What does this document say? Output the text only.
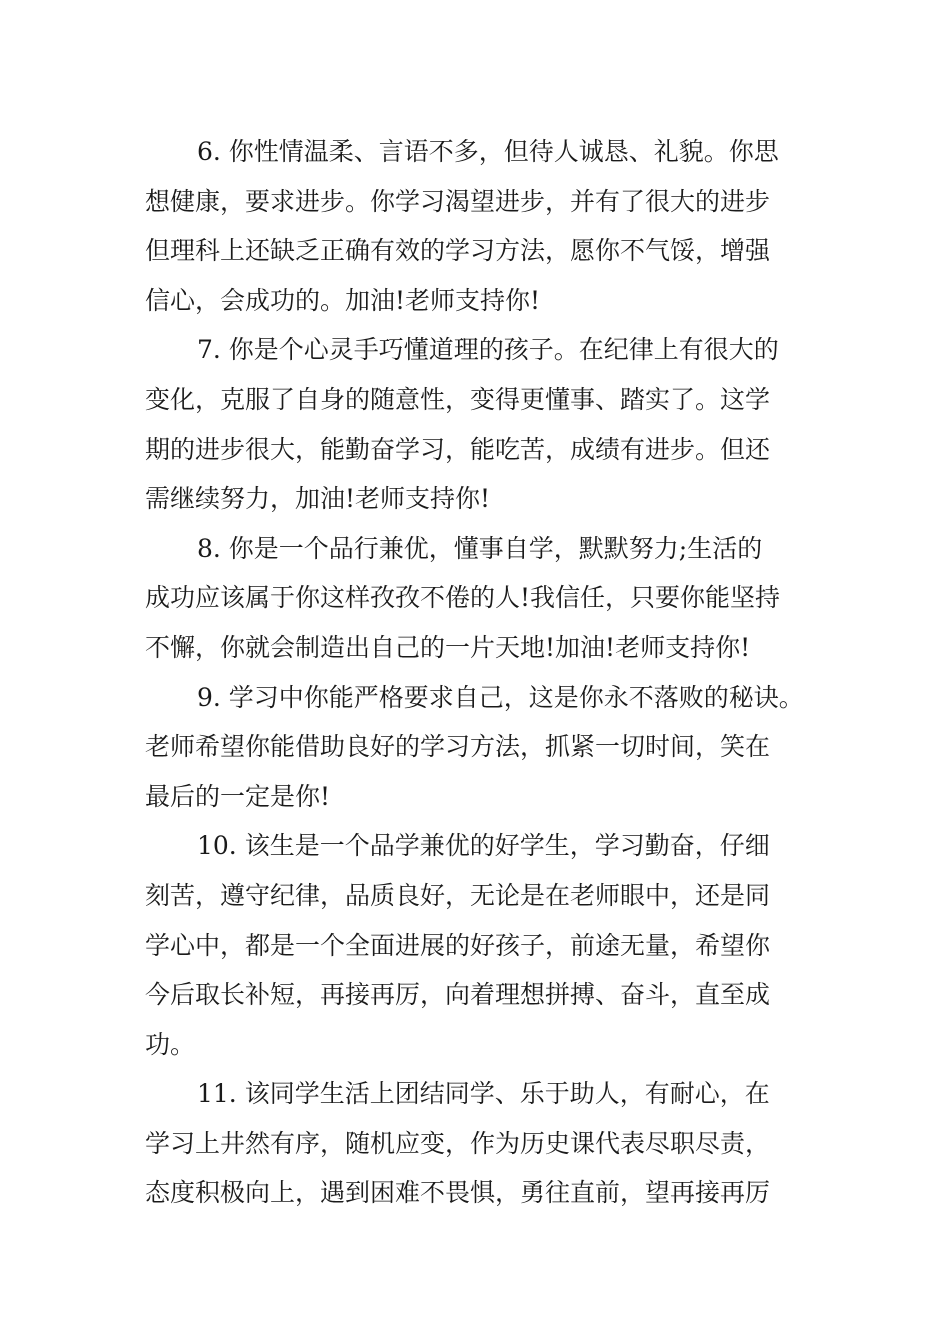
6. 你性情温柔、言语不多，但待人诚恳、礼貌。你思
想健康，要求进步。你学习渴望进步，并有了很大的进步
但理科上还缺乏正确有效的学习方法，愿你不气馁，增强
信心，会成功的。加油!老师支持你!
7. 你是个心灵手巧懂道理的孩子。在纪律上有很大的
变化，克服了自身的随意性，变得更懂事、踏实了。这学
期的进步很大，能勤奋学习，能吃苦，成绩有进步。但还
需继续努力，加油!老师支持你!
8. 你是一个品行兼优，懂事自学，默默努力;生活的
成功应该属于你这样孜孜不倦的人!我信任，只要你能坚持
不懈，你就会制造出自己的一片天地!加油!老师支持你!
9. 学习中你能严格要求自己，这是你永不落败的秘诀。
老师希望你能借助良好的学习方法，抓紧一切时间，笑在
最后的一定是你!
10. 该生是一个品学兼优的好学生，学习勤奋，仔细
刻苦，遵守纪律，品质良好，无论是在老师眼中，还是同
学心中，都是一个全面进展的好孩子，前途无量，希望你
今后取长补短，再接再厉，向着理想拼搏、奋斗，直至成
功。
11. 该同学生活上团结同学、乐于助人，有耐心，在
学习上井然有序，随机应变，作为历史课代表尽职尽责，
态度积极向上，遇到困难不畏惧，勇往直前，望再接再厉
